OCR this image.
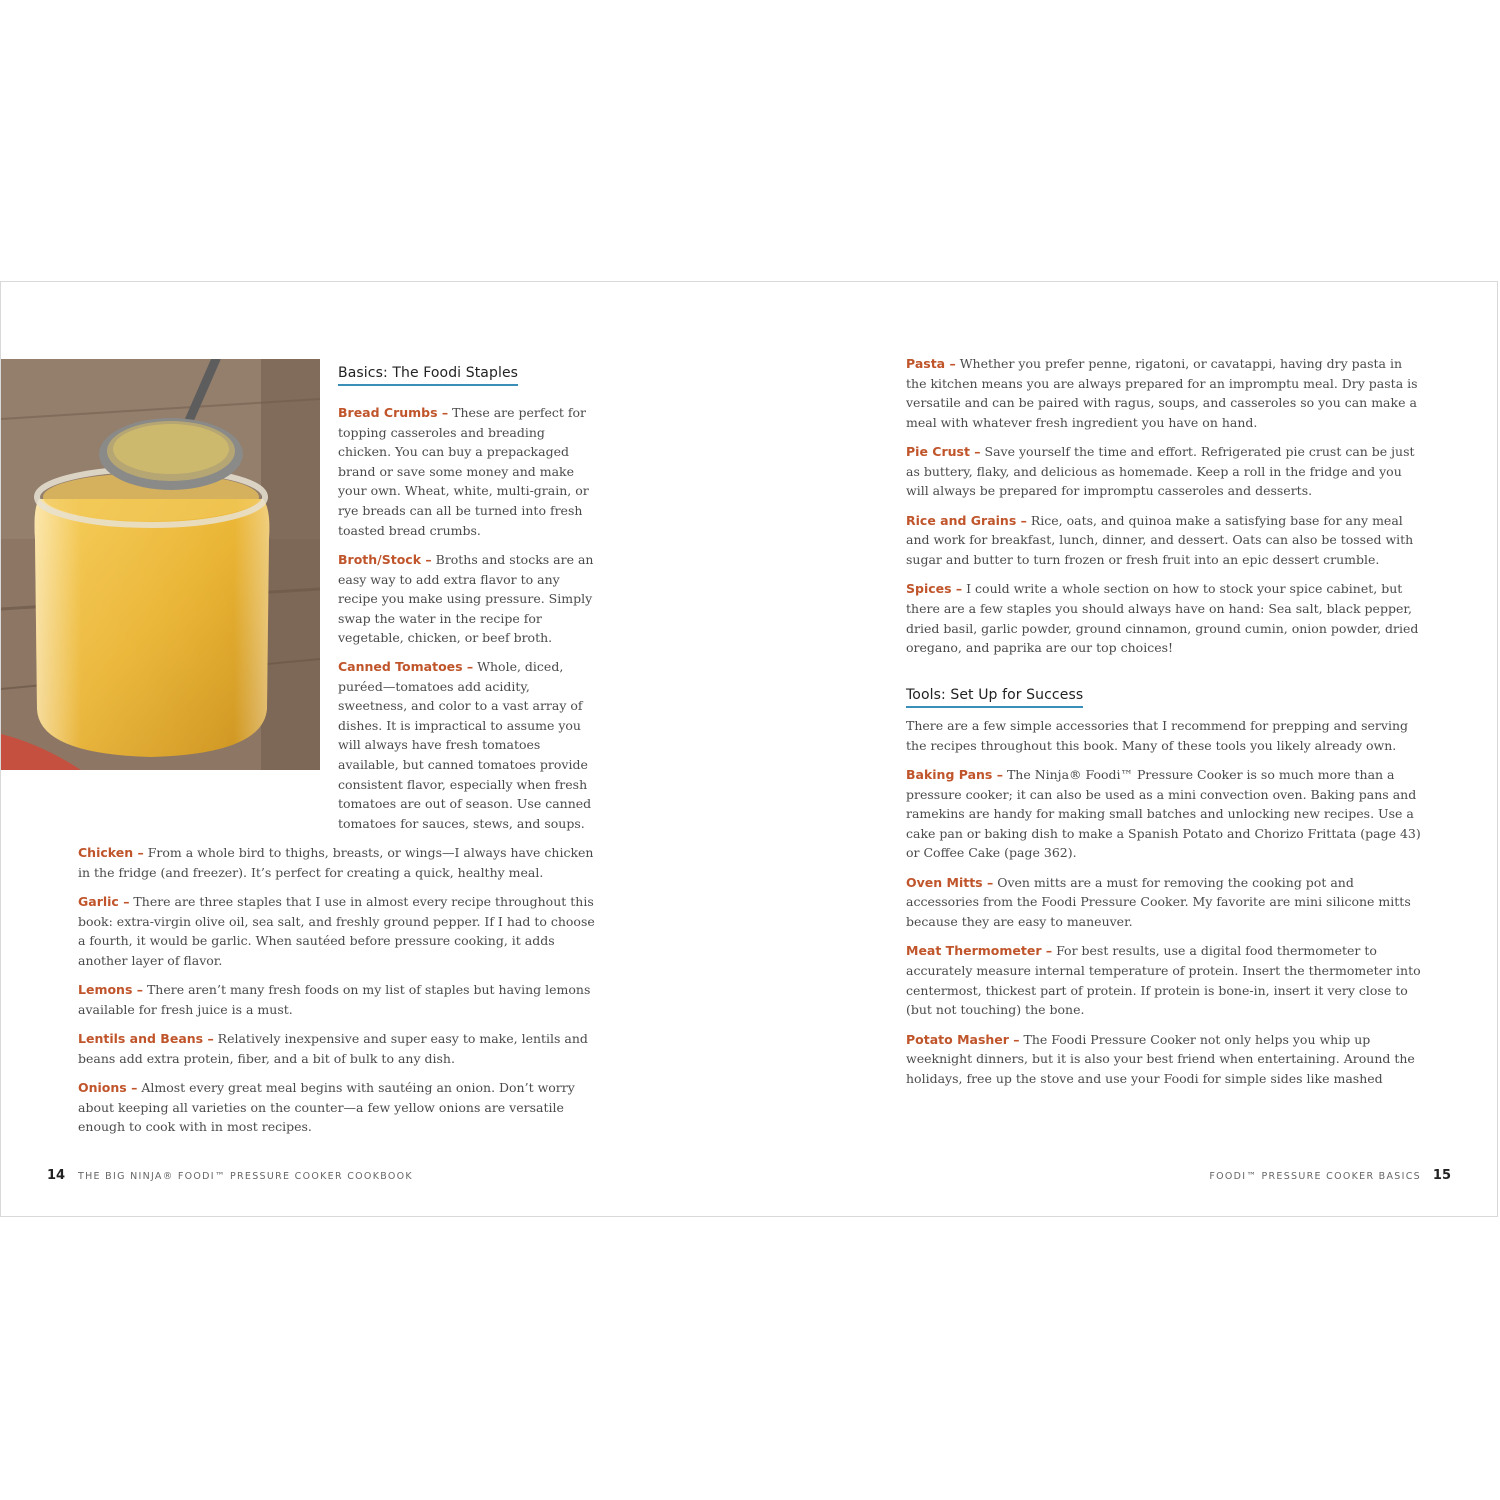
Basics: The Foodi Staples

Bread Crumbs – These are perfect for topping casseroles and breading chicken. You can buy a prepackaged brand or save some money and make your own. Wheat, white, multi-grain, or rye breads can all be turned into fresh toasted bread crumbs.

Broth/Stock – Broths and stocks are an easy way to add extra flavor to any recipe you make using pressure. Simply swap the water in the recipe for vegetable, chicken, or beef broth.

Canned Tomatoes – Whole, diced, puréed—tomatoes add acidity, sweetness, and color to a vast array of dishes. It is impractical to assume you will always have fresh tomatoes available, but canned tomatoes provide consistent flavor, especially when fresh tomatoes are out of season. Use canned tomatoes for sauces, stews, and soups.

Chicken – From a whole bird to thighs, breasts, or wings—I always have chicken in the fridge (and freezer). It’s perfect for creating a quick, healthy meal.

Garlic – There are three staples that I use in almost every recipe throughout this book: extra-virgin olive oil, sea salt, and freshly ground pepper. If I had to choose a fourth, it would be garlic. When sautéed before pressure cooking, it adds another layer of flavor.

Lemons – There aren’t many fresh foods on my list of staples but having lemons available for fresh juice is a must.

Lentils and Beans – Relatively inexpensive and super easy to make, lentils and beans add extra protein, fiber, and a bit of bulk to any dish.

Onions – Almost every great meal begins with sautéing an onion. Don’t worry about keeping all varieties on the counter—a few yellow onions are versatile enough to cook with in most recipes.

14 THE BIG NINJA® FOODI™ PRESSURE COOKER COOKBOOK

Pasta – Whether you prefer penne, rigatoni, or cavatappi, having dry pasta in the kitchen means you are always prepared for an impromptu meal. Dry pasta is versatile and can be paired with ragus, soups, and casseroles so you can make a meal with whatever fresh ingredient you have on hand.

Pie Crust – Save yourself the time and effort. Refrigerated pie crust can be just as buttery, flaky, and delicious as homemade. Keep a roll in the fridge and you will always be prepared for impromptu casseroles and desserts.

Rice and Grains – Rice, oats, and quinoa make a satisfying base for any meal and work for breakfast, lunch, dinner, and dessert. Oats can also be tossed with sugar and butter to turn frozen or fresh fruit into an epic dessert crumble.

Spices – I could write a whole section on how to stock your spice cabinet, but there are a few staples you should always have on hand: Sea salt, black pepper, dried basil, garlic powder, ground cinnamon, ground cumin, onion powder, dried oregano, and paprika are our top choices!

Tools: Set Up for Success

There are a few simple accessories that I recommend for prepping and serving the recipes throughout this book. Many of these tools you likely already own.

Baking Pans – The Ninja® Foodi™ Pressure Cooker is so much more than a pressure cooker; it can also be used as a mini convection oven. Baking pans and ramekins are handy for making small batches and unlocking new recipes. Use a cake pan or baking dish to make a Spanish Potato and Chorizo Frittata (page 43) or Coffee Cake (page 362).

Oven Mitts – Oven mitts are a must for removing the cooking pot and accessories from the Foodi Pressure Cooker. My favorite are mini silicone mitts because they are easy to maneuver.

Meat Thermometer – For best results, use a digital food thermometer to accurately measure internal temperature of protein. Insert the thermometer into centermost, thickest part of protein. If protein is bone-in, insert it very close to (but not touching) the bone.

Potato Masher – The Foodi Pressure Cooker not only helps you whip up weeknight dinners, but it is also your best friend when entertaining. Around the holidays, free up the stove and use your Foodi for simple sides like mashed

FOODI™ PRESSURE COOKER BASICS 15
